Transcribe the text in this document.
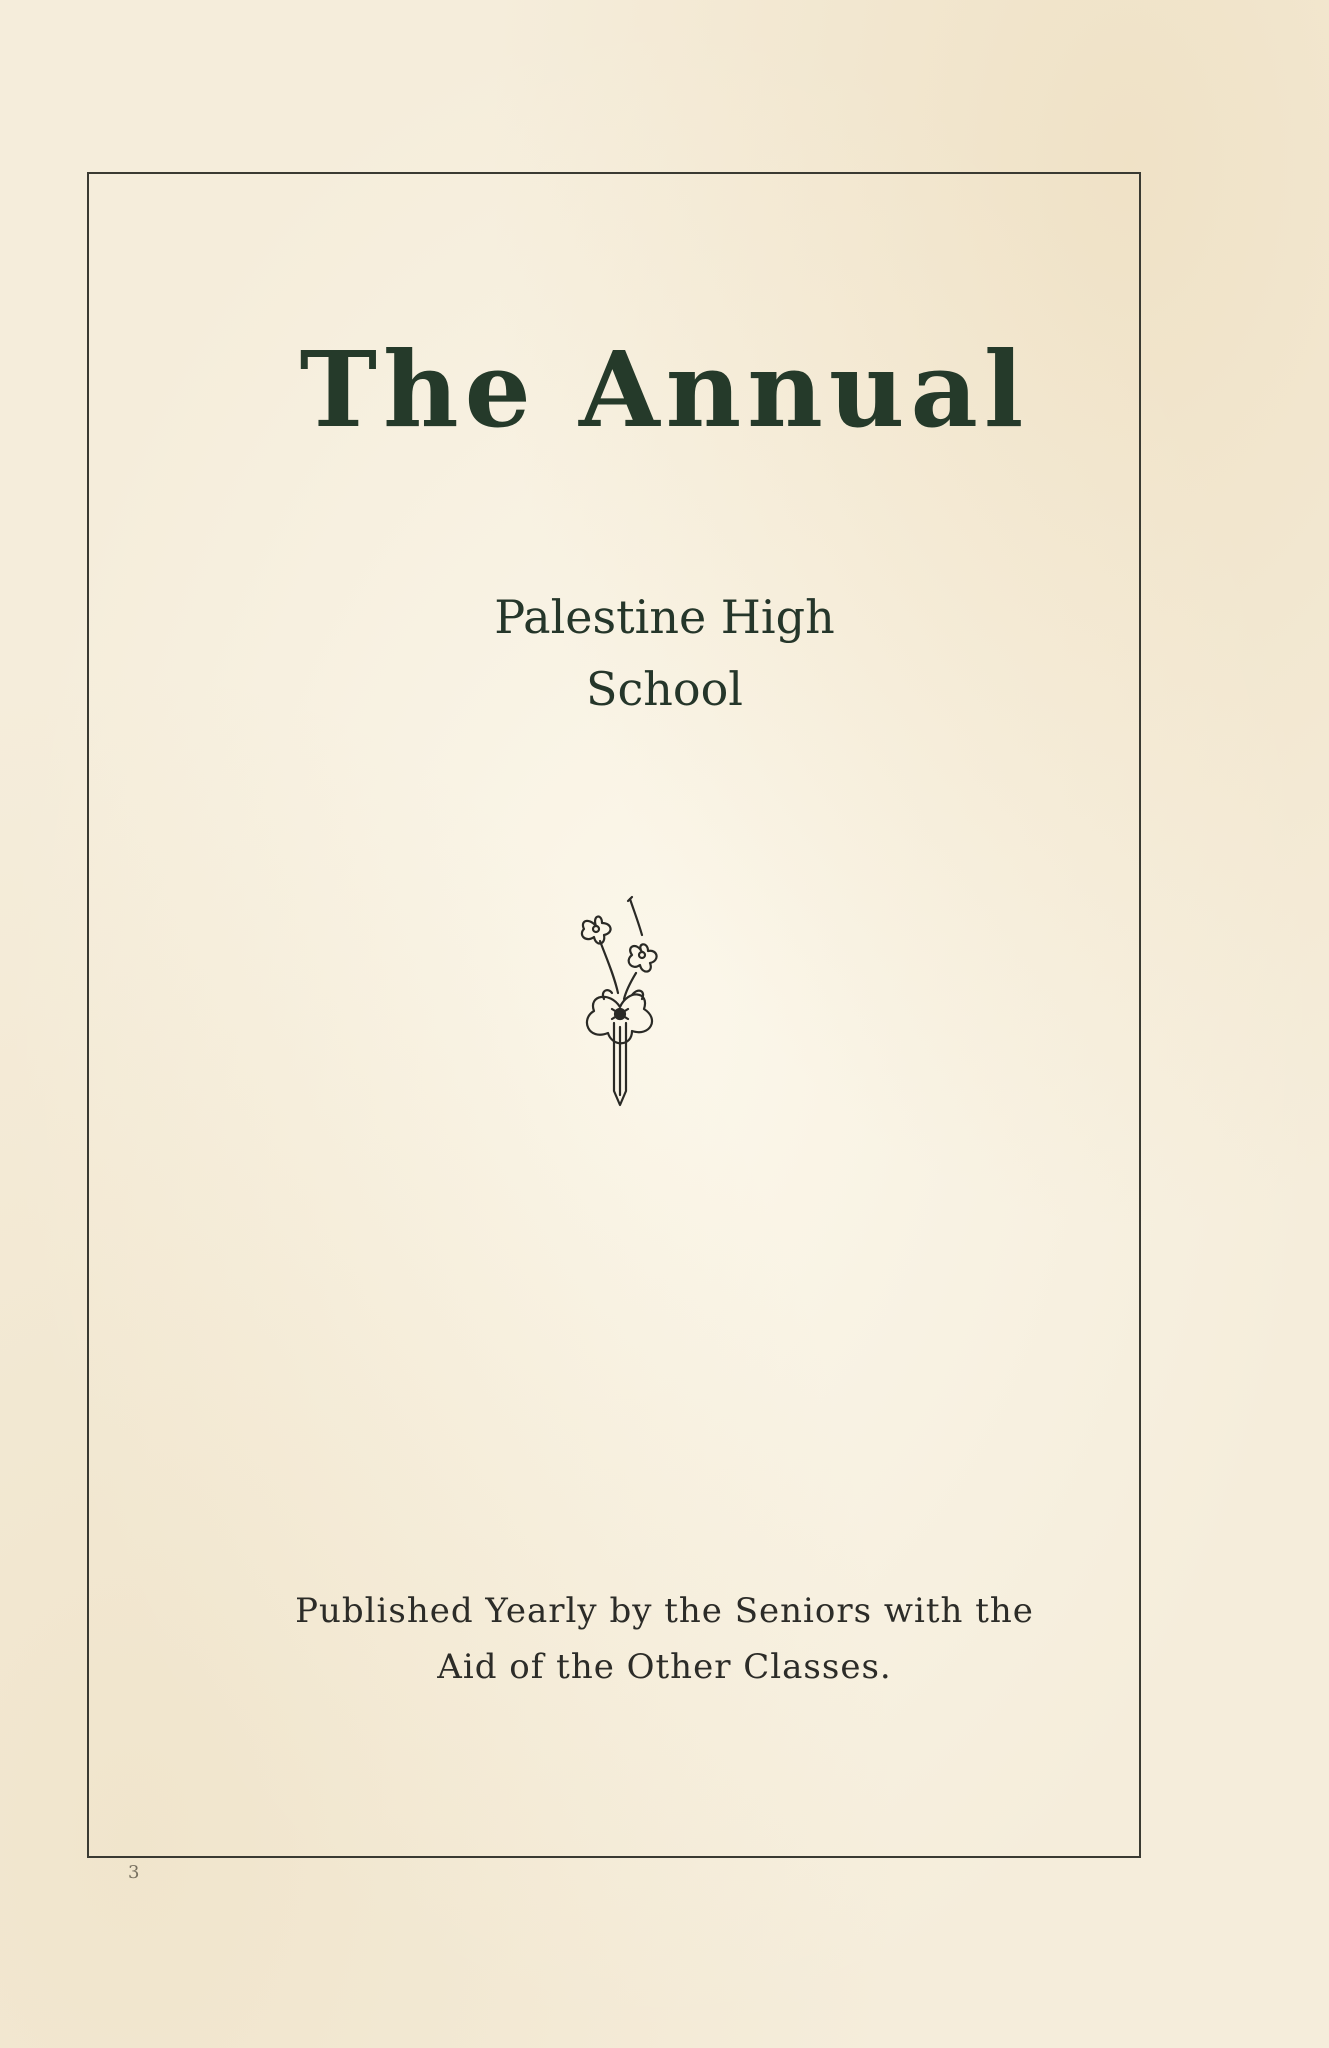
The Annual

Palestine High

School

Published Yearly by the Seniors with the

Aid of the Other Classes.

3
